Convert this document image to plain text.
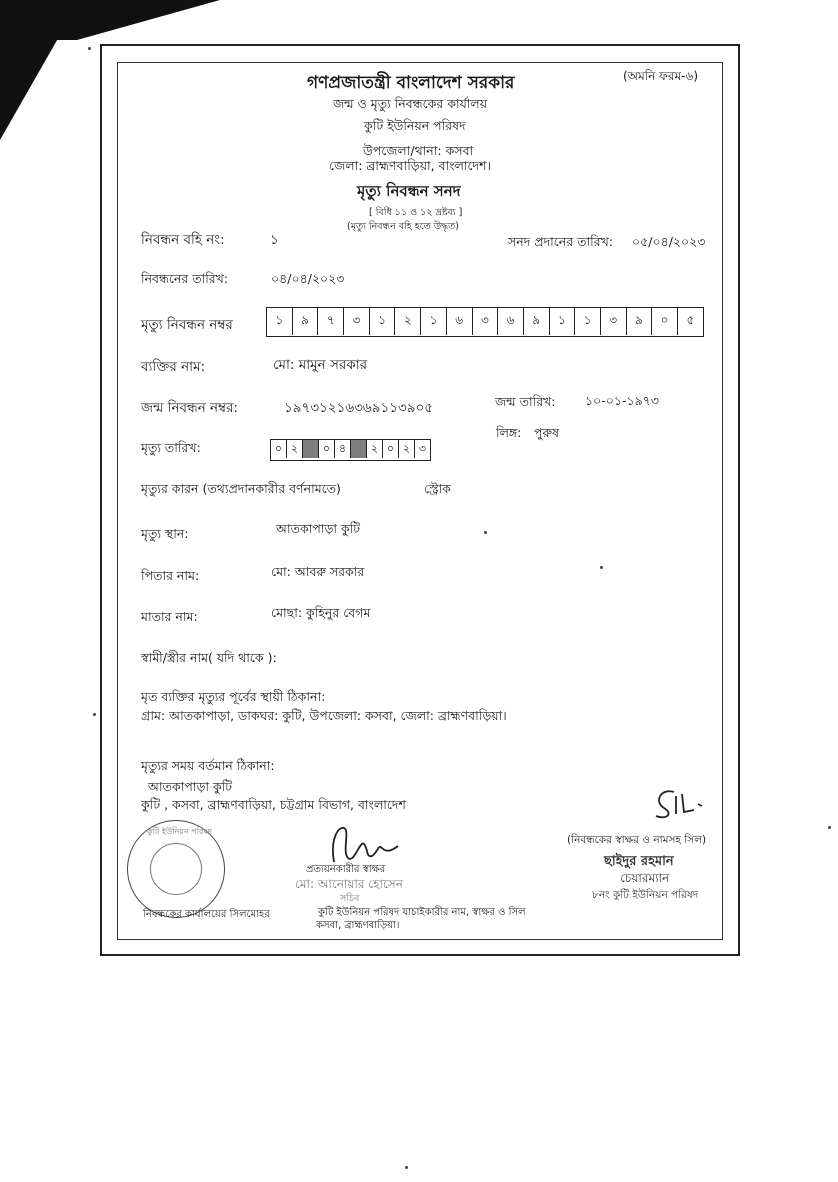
গণপ্রজাতন্ত্রী বাংলাদেশ সরকার	(অমনি ফরম-৬)
জন্ম ও মৃত্যু নিবন্ধকের কার্যালয়
কুটি ইউনিয়ন পরিষদ
উপজেলা/থানা: কসবা
জেলা: ব্রাহ্মণবাড়িয়া, বাংলাদেশ।
মৃত্যু নিবন্ধন সনদ
[ বিধি ১১ ও ১২ দ্রষ্টব্য ]
(মৃত্যু নিবন্ধন বহি হতে উদ্ধৃত)
নিবন্ধন বহি নং:	১	সনদ প্রদানের তারিখ: ০৫/০৪/২০২৩
নিবন্ধনের তারিখ:	০৪/০৪/২০২৩
মৃত্যু নিবন্ধন নম্বর	১	৯	৭	৩	১	২	১	৬	৩	৬	৯	১	১	৩	৯	০	৫
ব্যক্তির নাম:	মো: মামুন সরকার
জন্ম নিবন্ধন নম্বর:	১৯৭৩১২১৬৩৬৯১১৩৯০৫	জন্ম তারিখ: ১০-০১-১৯৭৩
লিঙ্গ: পুরুষ
মৃত্যু তারিখ:	০ ২	০ ৪	২ ০ ২ ৩
মৃত্যুর কারন (তথ্যপ্রদানকারীর বর্ণনামতে)	স্ট্রোক
মৃত্যু স্থান:	আতকাপাড়া কুটি
পিতার নাম:	মো: আবরু সরকার
মাতার নাম:	মোছা: কুহিনুর বেগম
স্বামী/স্ত্রীর নাম( যদি থাকে ):
মৃত ব্যক্তির মৃত্যুর পূর্বের স্থায়ী ঠিকানা:
গ্রাম: আতকাপাড়া, ডাকঘর: কুটি, উপজেলা: কসবা, জেলা: ব্রাহ্মণবাড়িয়া।
মৃত্যুর সময় বর্তমান ঠিকানা:
আতকাপাড়া কুটি
কুটি , কসবা, ব্রাহ্মণবাড়িয়া, চট্টগ্রাম বিভাগ, বাংলাদেশ
(নিবন্ধকের স্বাক্ষর ও নামসহ সিল)
ছাইদুর রহমান
চেয়ারম্যান
৮নং কুটি ইউনিয়ন পরিষদ
প্রত্যয়নকারীর স্বাক্ষর
মো: আনোয়ার হোসেন
সচিব
কুটি ইউনিয়ন পরিষদ
নিবন্ধকের কার্যালয়ের সিলমোহর	কুটি ইউনিয়ন পরিষদ যাচাইকারীর নাম, স্বাক্ষর ও সিল
কসবা, ব্রাহ্মণবাড়িয়া।
